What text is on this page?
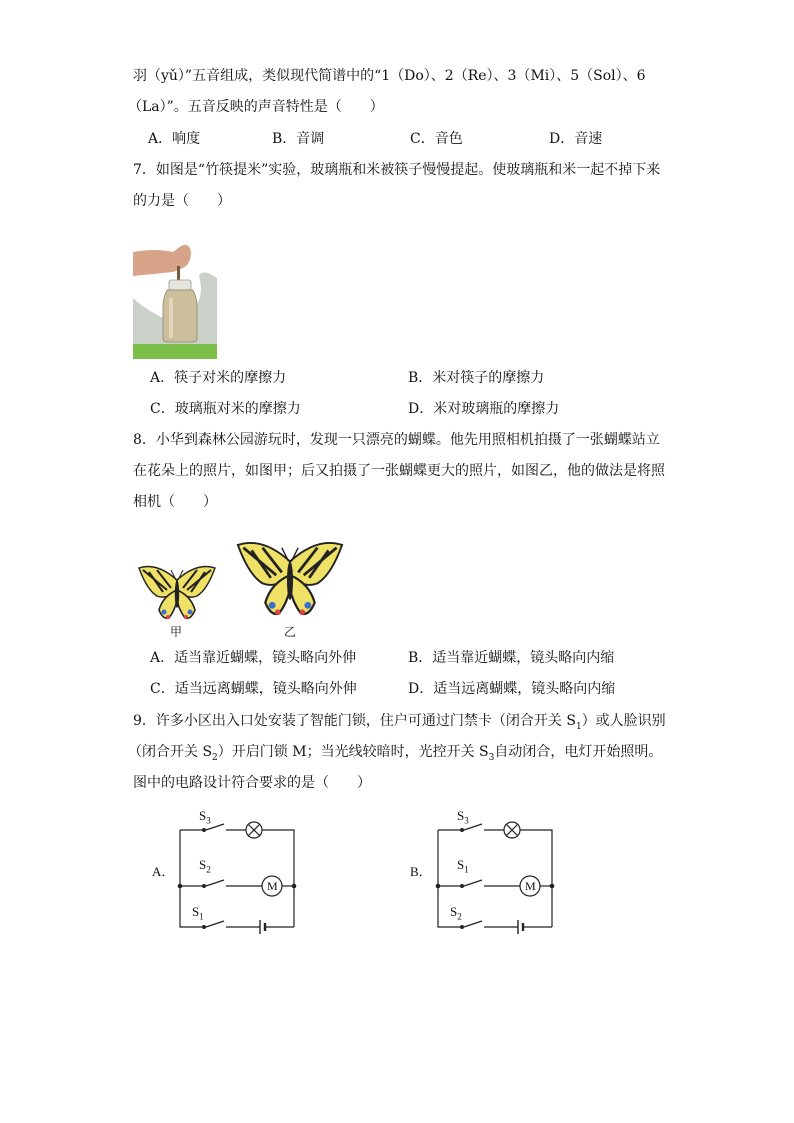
羽（yǔ）”五音组成，类似现代简谱中的“1（Do）、2（Re）、3（Mi）、5（Sol）、6
（La）”。五音反映的声音特性是（　　）
A．响度	B．音调	C．音色	D．音速
7．如图是“竹筷提米”实验，玻璃瓶和米被筷子慢慢提起。使玻璃瓶和米一起不掉下来
的力是（　　）
A．筷子对米的摩擦力	B．米对筷子的摩擦力
C．玻璃瓶对米的摩擦力	D．米对玻璃瓶的摩擦力
8．小华到森林公园游玩时，发现一只漂亮的蝴蝶。他先用照相机拍摄了一张蝴蝶站立
在花朵上的照片，如图甲；后又拍摄了一张蝴蝶更大的照片，如图乙，他的做法是将照
相机（　　）
甲	乙
A．适当靠近蝴蝶，镜头略向外伸	B．适当靠近蝴蝶，镜头略向内缩
C．适当远离蝴蝶，镜头略向外伸	D．适当远离蝴蝶，镜头略向内缩
9．许多小区出入口处安装了智能门锁，住户可通过门禁卡（闭合开关 $S_1$）或人脸识别
（闭合开关 $S_2$）开启门锁 M；当光线较暗时，光控开关 $S_3$自动闭合，电灯开始照明。
图中的电路设计符合要求的是（　　）
A．
$S_3$
$S_2$
$S_1$
M
B．
$S_3$
$S_1$
$S_2$
M
